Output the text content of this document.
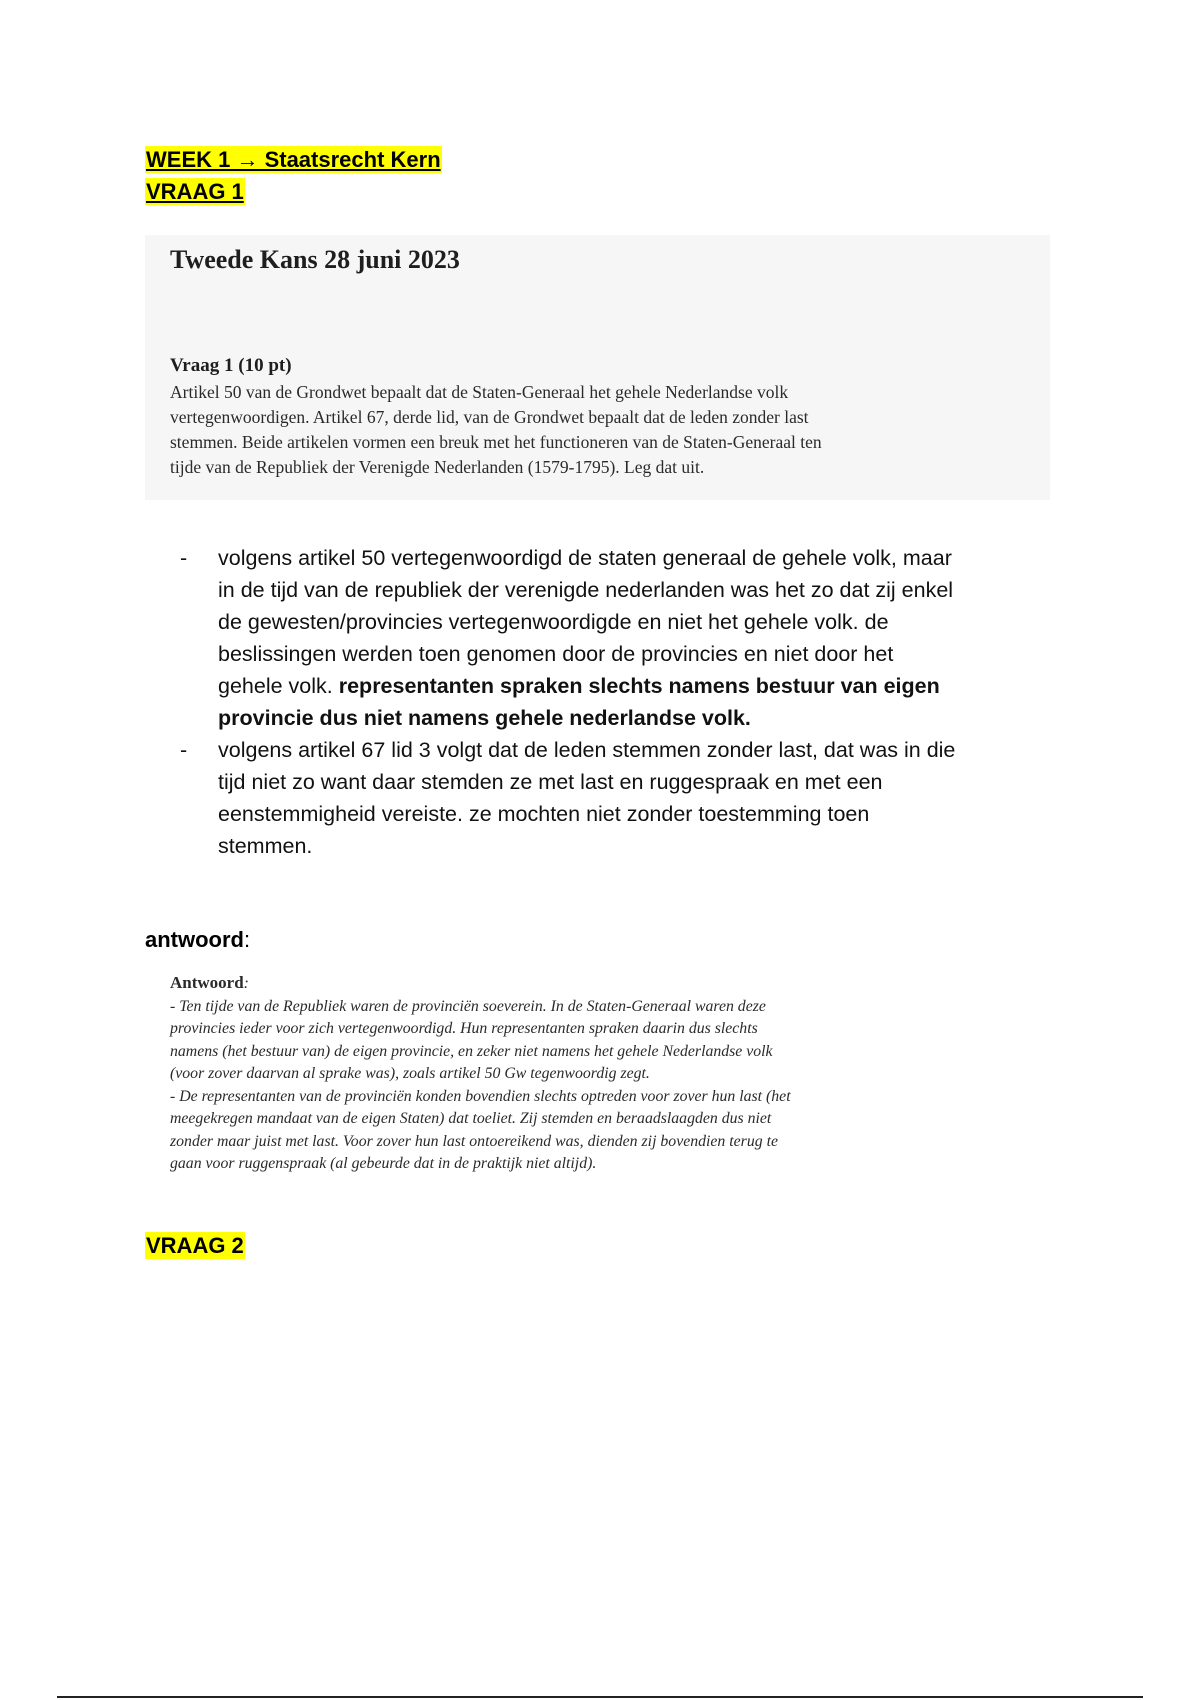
WEEK 1 → Staatsrecht Kern
VRAAG 1
Tweede Kans 28 juni 2023
Vraag 1 (10 pt)
Artikel 50 van de Grondwet bepaalt dat de Staten-Generaal het gehele Nederlandse volk
vertegenwoordigen. Artikel 67, derde lid, van de Grondwet bepaalt dat de leden zonder last
stemmen. Beide artikelen vormen een breuk met het functioneren van de Staten-Generaal ten
tijde van de Republiek der Verenigde Nederlanden (1579-1795). Leg dat uit.
- volgens artikel 50 vertegenwoordigd de staten generaal de gehele volk, maar
in de tijd van de republiek der verenigde nederlanden was het zo dat zij enkel
de gewesten/provincies vertegenwoordigde en niet het gehele volk. de
beslissingen werden toen genomen door de provincies en niet door het
gehele volk. representanten spraken slechts namens bestuur van eigen
provincie dus niet namens gehele nederlandse volk.
- volgens artikel 67 lid 3 volgt dat de leden stemmen zonder last, dat was in die
tijd niet zo want daar stemden ze met last en ruggespraak en met een
eenstemmigheid vereiste. ze mochten niet zonder toestemming toen
stemmen.
antwoord:
Antwoord:
- Ten tijde van de Republiek waren de provinciën soeverein. In de Staten-Generaal waren deze
provincies ieder voor zich vertegenwoordigd. Hun representanten spraken daarin dus slechts
namens (het bestuur van) de eigen provincie, en zeker niet namens het gehele Nederlandse volk
(voor zover daarvan al sprake was), zoals artikel 50 Gw tegenwoordig zegt.
- De representanten van de provinciën konden bovendien slechts optreden voor zover hun last (het
meegekregen mandaat van de eigen Staten) dat toeliet. Zij stemden en beraadslaagden dus niet
zonder maar juist met last. Voor zover hun last ontoereikend was, dienden zij bovendien terug te
gaan voor ruggenspraak (al gebeurde dat in de praktijk niet altijd).
VRAAG 2
